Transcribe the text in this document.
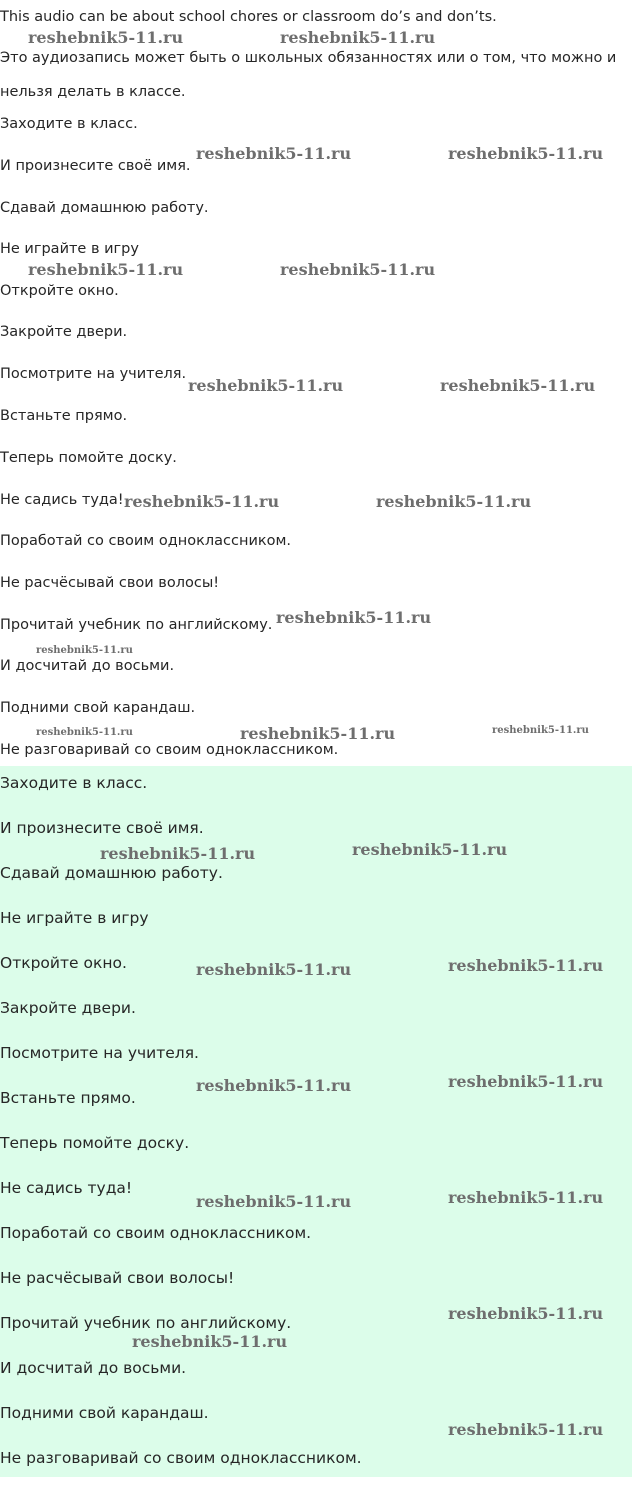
This audio can be about school chores or classroom do’s and don’ts.
Это аудиозапись может быть о школьных обязанностях или о том, что можно и
нельзя делать в классе.
Заходите в класс.
И произнесите своё имя.
Сдавай домашнюю работу.
Не играйте в игру
Откройте окно.
Закройте двери.
Посмотрите на учителя.
Встаньте прямо.
Теперь помойте доску.
Не садись туда!
Поработай со своим одноклассником.
Не расчёсывай свои волосы!
Прочитай учебник по английскому.
И досчитай до восьми.
Подними свой карандаш.
Не разговаривай со своим одноклассником.
Заходите в класс.
И произнесите своё имя.
Сдавай домашнюю работу.
Не играйте в игру
Откройте окно.
Закройте двери.
Посмотрите на учителя.
Встаньте прямо.
Теперь помойте доску.
Не садись туда!
Поработай со своим одноклассником.
Не расчёсывай свои волосы!
Прочитай учебник по английскому.
И досчитай до восьми.
Подними свой карандаш.
Не разговаривай со своим одноклассником.
reshebnik5-11.ru	reshebnik5-11.ru
reshebnik5-11.ru	reshebnik5-11.ru
reshebnik5-11.ru	reshebnik5-11.ru
reshebnik5-11.ru	reshebnik5-11.ru
reshebnik5-11.ru	reshebnik5-11.ru
reshebnik5-11.ru
reshebnik5-11.ru
reshebnik5-11.ru	reshebnik5-11.ru	reshebnik5-11.ru
reshebnik5-11.ru	reshebnik5-11.ru
reshebnik5-11.ru	reshebnik5-11.ru
reshebnik5-11.ru	reshebnik5-11.ru
reshebnik5-11.ru	reshebnik5-11.ru
reshebnik5-11.ru
reshebnik5-11.ru
reshebnik5-11.ru
